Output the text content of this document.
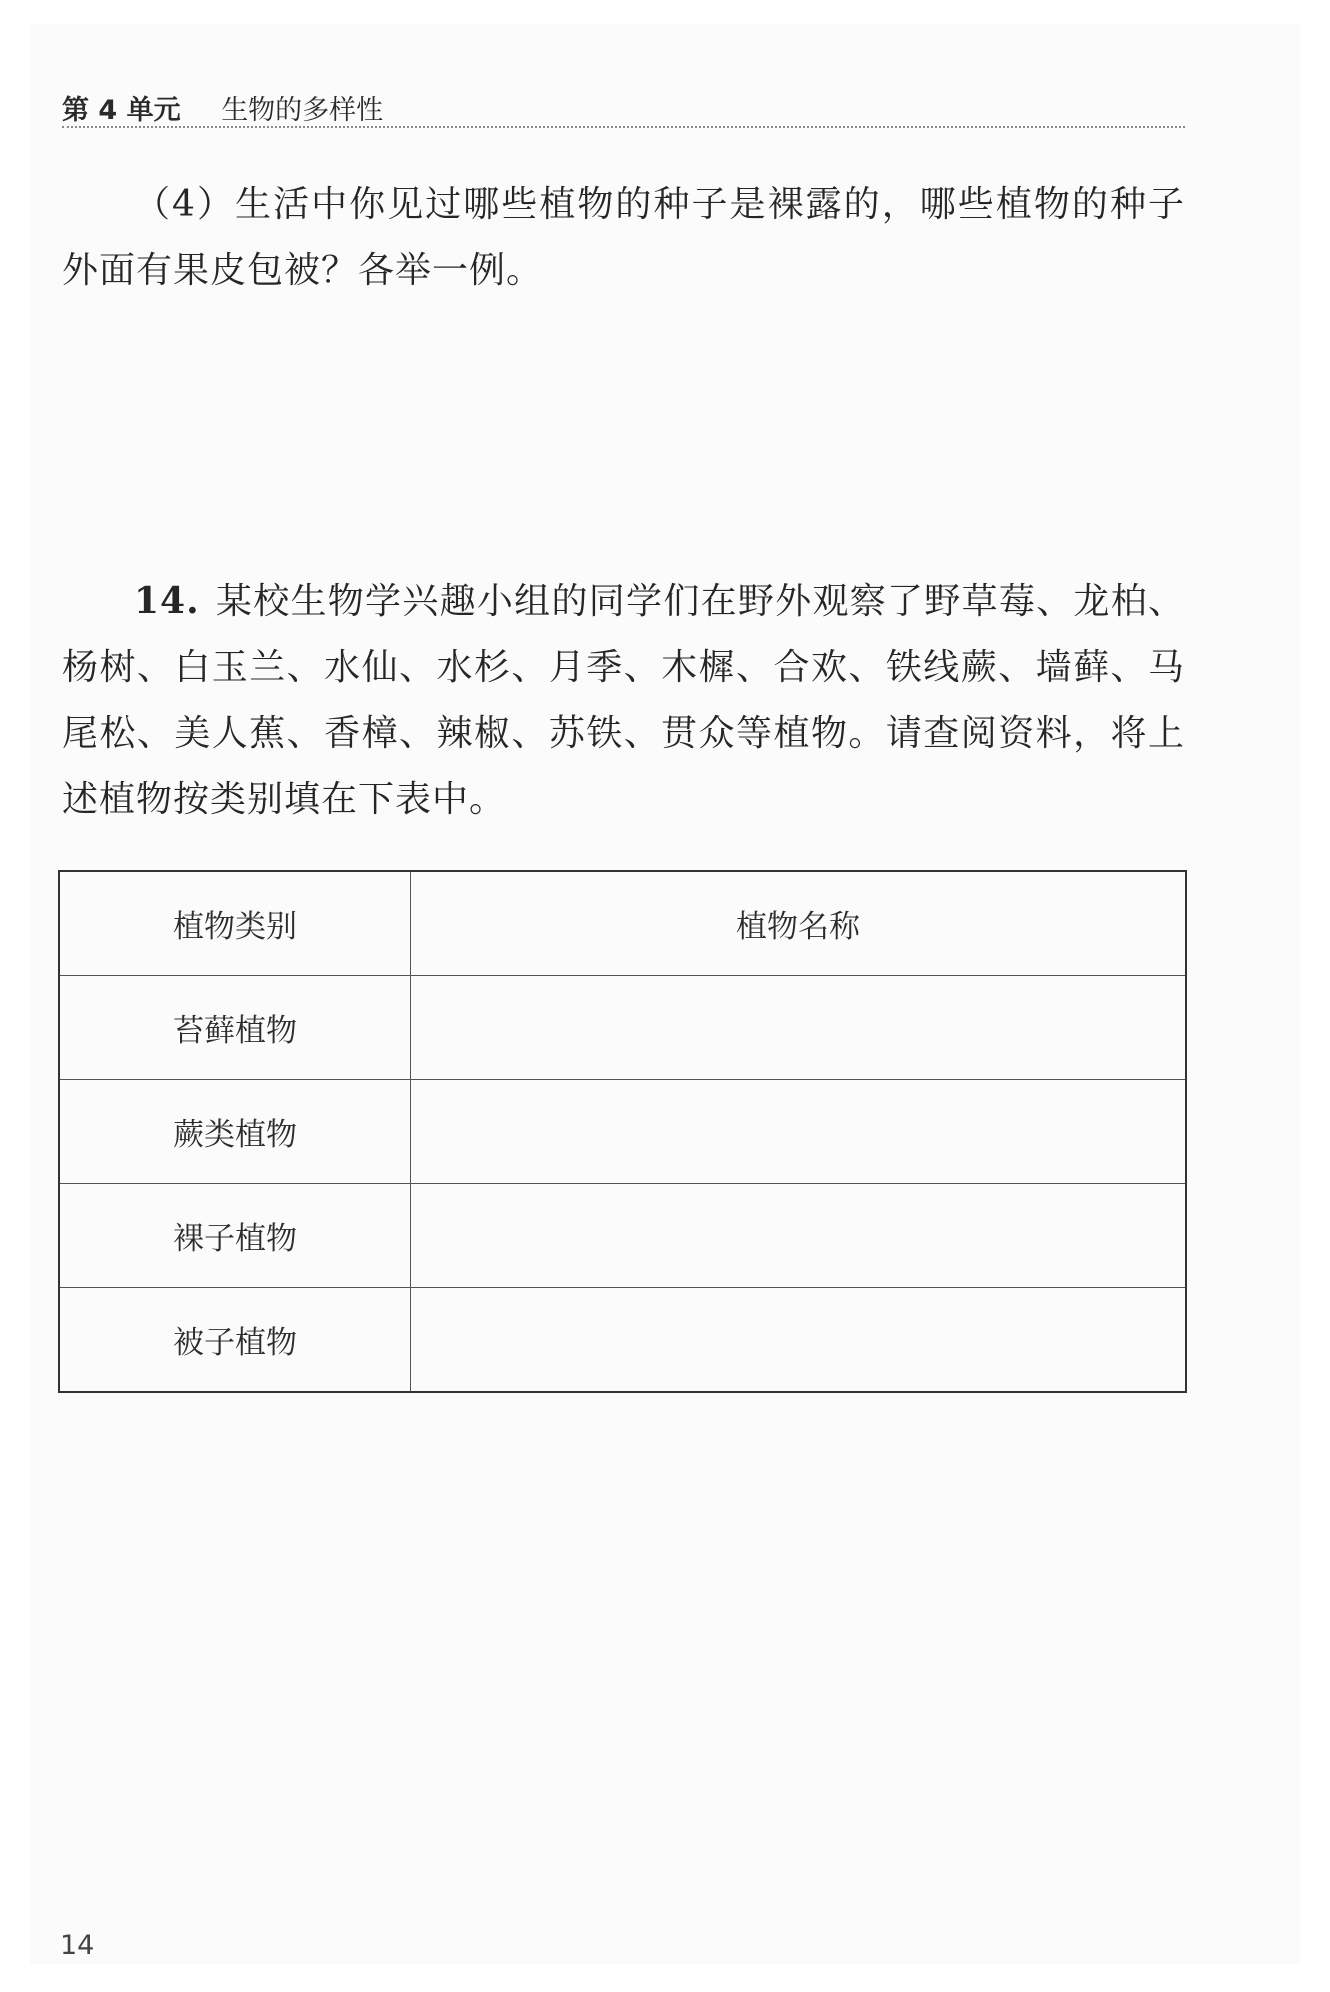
第 4 单元 生物的多样性

（4）生活中你见过哪些植物的种子是裸露的，哪些植物的种子外面有果皮包被？各举一例。

14. 某校生物学兴趣小组的同学们在野外观察了野草莓、龙柏、杨树、白玉兰、水仙、水杉、月季、木樨、合欢、铁线蕨、墙藓、马尾松、美人蕉、香樟、辣椒、苏铁、贯众等植物。请查阅资料，将上述植物按类别填在下表中。

植物类别	植物名称
苔藓植物	
蕨类植物	
裸子植物	
被子植物	
14
